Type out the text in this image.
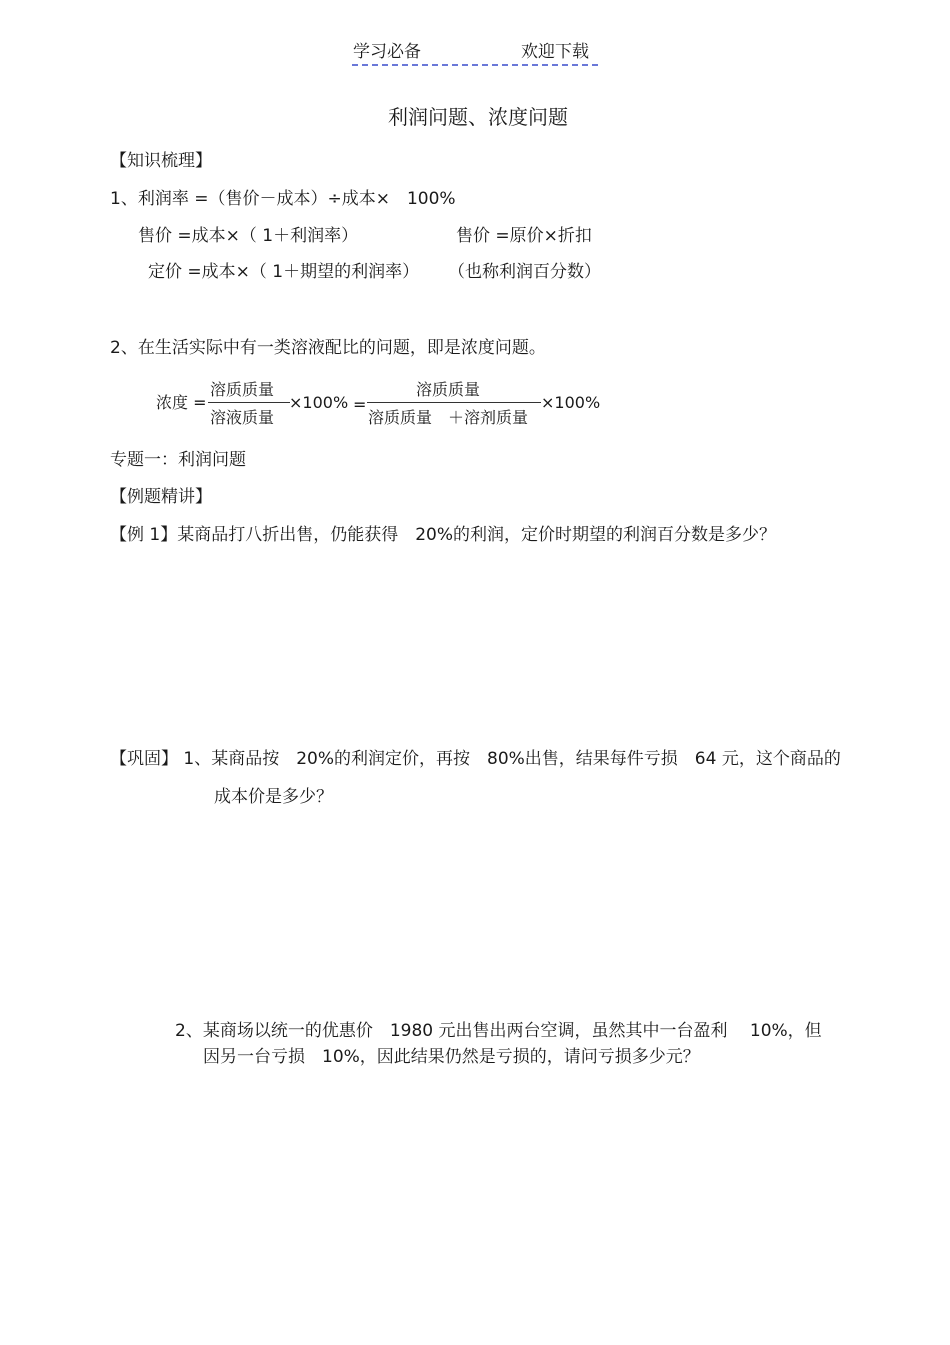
学习必备	欢迎下载
利润问题、浓度问题
【知识梳理】
1、利润率 =（售价－成本）÷成本×　100%
售价 =成本×（ 1＋利润率）	售价 =原价×折扣
定价 =成本×（ 1＋期望的利润率） （也称利润百分数）
2、在生活实际中有一类溶液配比的问题，即是浓度问题。
浓度 =
溶质质量
溶液质量
×100% =
溶质质量
溶质质量　＋溶剂质量
×100%
专题一：利润问题
【例题精讲】
【例 1】某商品打八折出售，仍能获得　20%的利润，定价时期望的利润百分数是多少？
【巩固】 1、某商品按　20%的利润定价，再按　80%出售，结果每件亏损　64 元，这个商品的
成本价是多少？
2、某商场以统一的优惠价　1980 元出售出两台空调，虽然其中一台盈利　 10%，但
因另一台亏损　10%，因此结果仍然是亏损的，请问亏损多少元？
